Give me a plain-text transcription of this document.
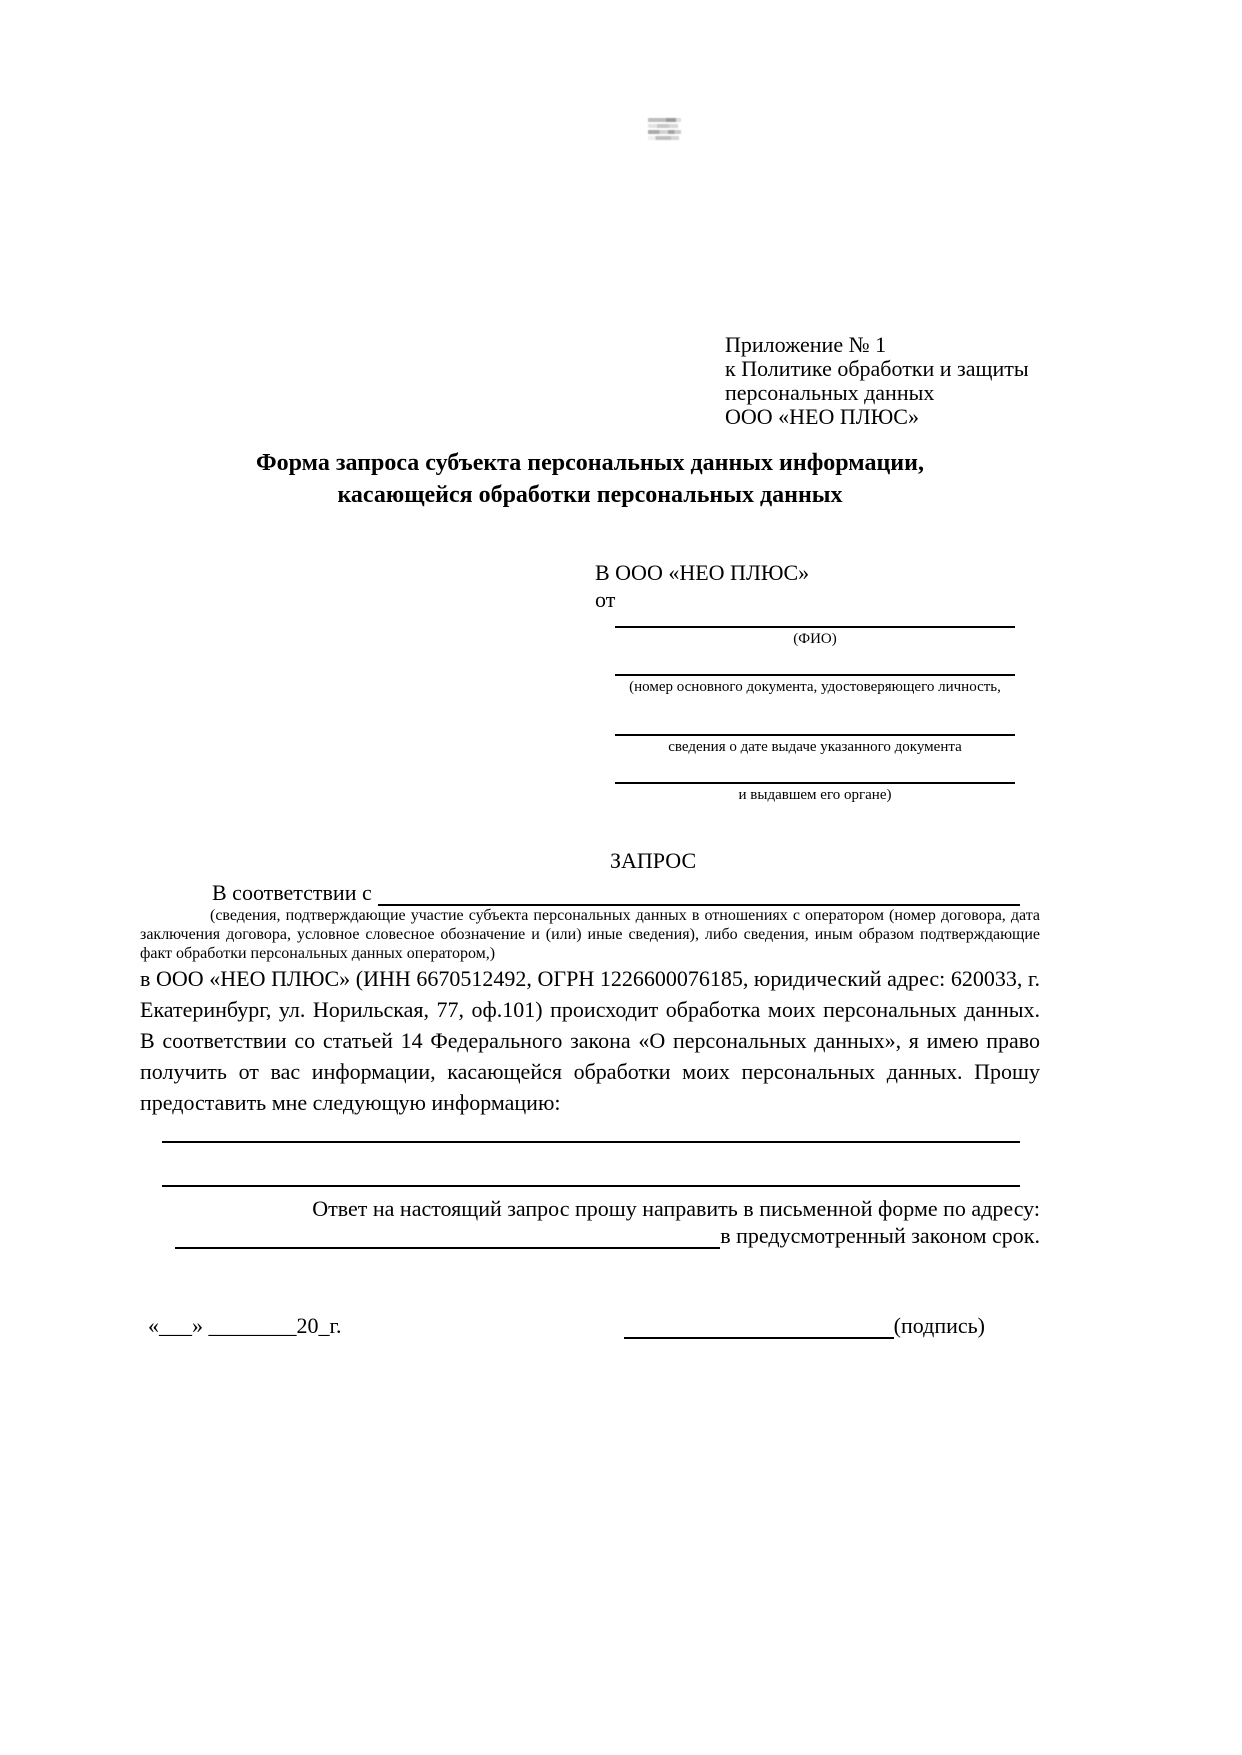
Приложение № 1
к Политике обработки и защиты
персональных данных
ООО «НЕО ПЛЮС»
Форма запроса субъекта персональных данных информации,
касающейся обработки персональных данных
В ООО «НЕО ПЛЮС»
от
(ФИО)
(номер основного документа, удостоверяющего личность,
сведения о дате выдаче указанного документа
и выдавшем его органе)
ЗАПРОС
В соответствии с
(сведения, подтверждающие участие субъекта персональных данных в отношениях с оператором (номер договора, дата заключения договора, условное словесное обозначение и (или) иные сведения), либо сведения, иным образом подтверждающие факт обработки персональных данных оператором,)

в ООО «НЕО ПЛЮС» (ИНН 6670512492, ОГРН 1226600076185, юридический адрес: 620033, г. Екатеринбург, ул. Норильская, 77, оф.101) происходит обработка моих персональных данных. В соответствии со статьей 14 Федерального закона «О персональных данных», я имею право получить от вас информации, касающейся обработки моих персональных данных. Прошу предоставить мне следующую информацию:

Ответ на настоящий запрос прошу направить в письменной форме по адресу:
в предусмотренный законом срок.
«___» ________20_г.	(подпись)
